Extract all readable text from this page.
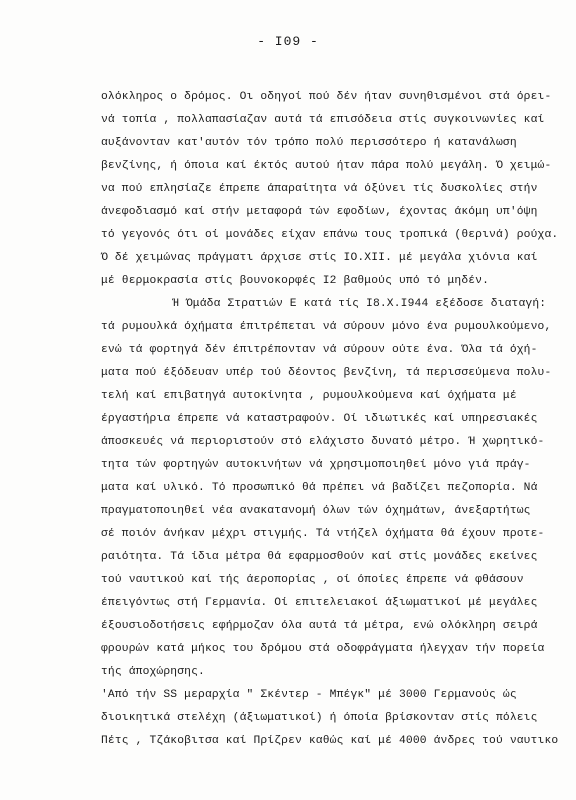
- I09 -
ολόκληρος ο δρόμος. Οι οδηγοί πού δέν ήταν συνηθισμένοι στά όρει-
νά τοπία , πολλαπασίαζαν αυτά τά επισόδεια στίς συγκοινωνίες καί
αυξάνονταν κατ'αυτόν τόν τρόπο πολύ περισσότερο ή κατανάλωση
βενζίνης, ή όποια καί έκτός αυτού ήταν πάρα πολύ μεγάλη. Ό χειμώ-
να πού επλησίαζε έπρεπε άπαραίτητα νά όξύνει τίς δυσκολίες στήν
άνεφοδιασμό καί στήν μεταφορά τών εφοδίων, έχοντας άκόμη υπ'όψη
τό γεγονός ότι οί μονάδες είχαν επάνω τους τροπικά (θερινά) ρούχα.
Ό δέ χειμώνας πράγματι άρχισε στίς IO.XII. μέ μεγάλα χιόνια καί
μέ θερμοκρασία στίς βουνοκορφές I2 βαθμούς υπό τό μηδέν.
Ή Όμάδα Στρατιών Ε κατά τίς I8.X.I944 εξέδοσε διαταγή:
τά ρυμουλκά όχήματα έπιτρέπεται νά σύρουν μόνο ένα ρυμουλκούμενο,
ενώ τά φορτηγά δέν έπιτρέπονταν νά σύρουν ούτε ένα. Όλα τά όχή-
ματα πού έξόδευαν υπέρ τού δέοντος βενζίνη, τά περισσεύμενα πολυ-
τελή καί επιβατηγά αυτοκίνητα , ρυμουλκούμενα καί όχήματα μέ
έργαστήρια έπρεπε νά καταστραφούν. Οί ιδιωτικές καί υπηρεσιακές
άποσκευές νά περιοριστούν στό ελάχιστο δυνατό μέτρο. Ή χωρητικό-
τητα τών φορτηγών αυτοκινήτων νά χρησιμοποιηθεί μόνο γιά πράγ-
ματα καί υλικό. Τό προσωπικό θά πρέπει νά βαδίζει πεζοπορία. Νά
πραγματοποιηθεί νέα ανακατανομή όλων τών όχημάτων, άνεξαρτήτως
σέ ποιόν άνήκαν μέχρι στιγμής. Τά ντήζελ όχήματα θά έχουν προτε-
ραιότητα. Τά ίδια μέτρα θά εφαρμοσθούν καί στίς μονάδες εκείνες
τού ναυτικού καί τής άεροπορίας , οί όποίες έπρεπε νά φθάσουν
έπειγόντως στή Γερμανία. Οί επιτελειακοί άξιωματικοί μέ μεγάλες
έξουσιοδοτήσεις εφήρμοζαν όλα αυτά τά μέτρα, ενώ ολόκληρη σειρά
φρουρών κατά μήκος του δρόμου στά οδοφράγματα ήλεγχαν τήν πορεία
τής άποχώρησης.
'Από τήν SS μεραρχία " Σκέντερ - Μπέγκ" μέ 3000 Γερμανούς ώς
διοικητικά στελέχη (άξιωματικοί) ή όποία βρίσκονταν στίς πόλεις
Πέτς , Τζάκοβιτσα καί Πρίζρεν καθώς καί μέ 4000 άνδρες τού ναυτικο
